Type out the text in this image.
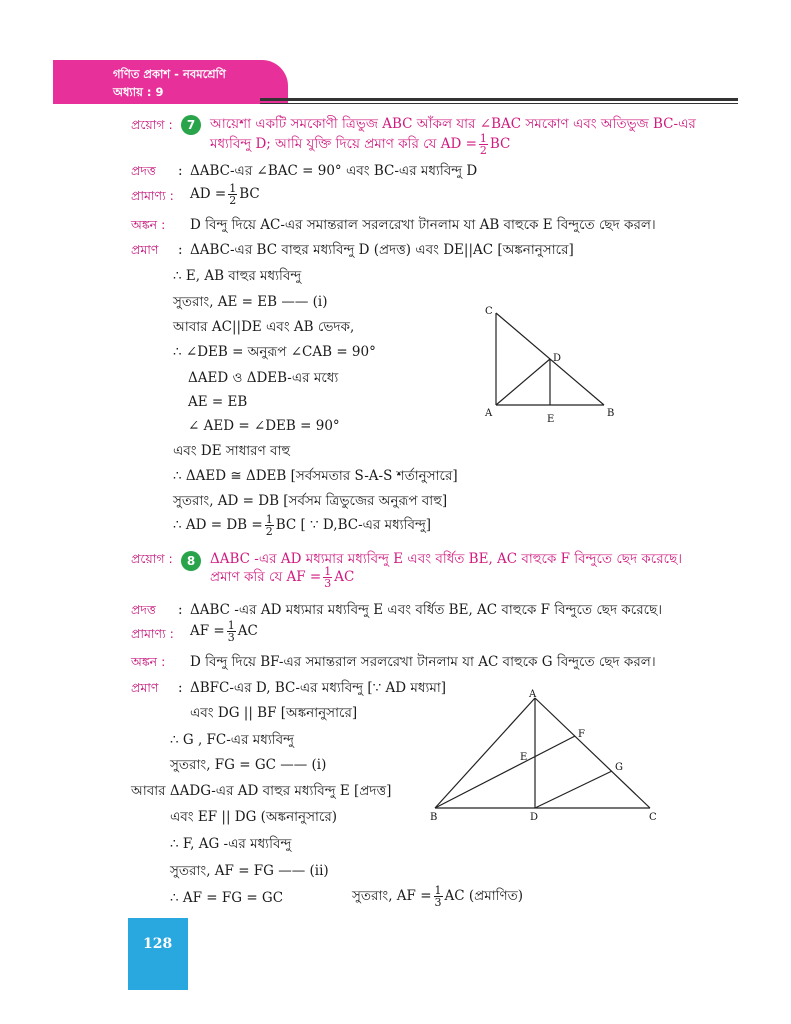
গণিত প্রকাশ - নবমশ্রেণি
অধ্যায় : 9
প্রয়োগ :	7	আয়েশা একটি সমকোণী ত্রিভুজ ABC আঁকল যার ∠BAC সমকোণ এবং অতিভুজ BC-এর
মধ্যবিন্দু D; আমি যুক্তি দিয়ে প্রমাণ করি যে AD = $\frac{1}{2}$ BC
প্রদত্ত : ΔABC-এর ∠BAC = 90° এবং BC-এর মধ্যবিন্দু D
প্রামাণ্য : AD = $\frac{1}{2}$ BC
অঙ্কন : D বিন্দু দিয়ে AC-এর সমান্তরাল সরলরেখা টানলাম যা AB বাহুকে E বিন্দুতে ছেদ করল।
প্রমাণ : ΔABC-এর BC বাহুর মধ্যবিন্দু D (প্রদত্ত) এবং DE||AC [অঙ্কনানুসারে]
∴ E, AB বাহুর মধ্যবিন্দু
সুতরাং, AE = EB —— (i)
আবার AC||DE এবং AB ভেদক,
∴ ∠DEB = অনুরূপ ∠CAB = 90°
ΔAED ও ΔDEB-এর মধ্যে
AE = EB
∠ AED = ∠DEB = 90°
এবং DE সাধারণ বাহু
∴ ΔAED ≅ ΔDEB [সর্বসমতার S-A-S শর্তানুসারে]
সুতরাং, AD = DB [সর্বসম ত্রিভুজের অনুরূপ বাহু]
∴ AD = DB = $\frac{1}{2}$ BC [ ∵ D,BC-এর মধ্যবিন্দু]
C
D
A
E
B
প্রয়োগ :	8	ΔABC -এর AD মধ্যমার মধ্যবিন্দু E এবং বর্ধিত BE, AC বাহুকে F বিন্দুতে ছেদ করেছে।
প্রমাণ করি যে AF = $\frac{1}{3}$ AC
প্রদত্ত : ΔABC -এর AD মধ্যমার মধ্যবিন্দু E এবং বর্ধিত BE, AC বাহুকে F বিন্দুতে ছেদ করেছে।
প্রামাণ্য : AF = $\frac{1}{3}$ AC
অঙ্কন : D বিন্দু দিয়ে BF-এর সমান্তরাল সরলরেখা টানলাম যা AC বাহুকে G বিন্দুতে ছেদ করল।
প্রমাণ : ΔBFC-এর D, BC-এর মধ্যবিন্দু [∵ AD মধ্যমা]
এবং DG || BF [অঙ্কনানুসারে]
∴ G , FC-এর মধ্যবিন্দু
সুতরাং, FG = GC —— (i)
আবার ΔADG-এর AD বাহুর মধ্যবিন্দু E [প্রদত্ত]
এবং EF || DG (অঙ্কনানুসারে)
∴ F, AG -এর মধ্যবিন্দু
সুতরাং, AF = FG —— (ii)
∴ AF = FG = GC	সুতরাং, AF = $\frac{1}{3}$ AC (প্রমাণিত)
A
F
E
G
B	D	C
128
